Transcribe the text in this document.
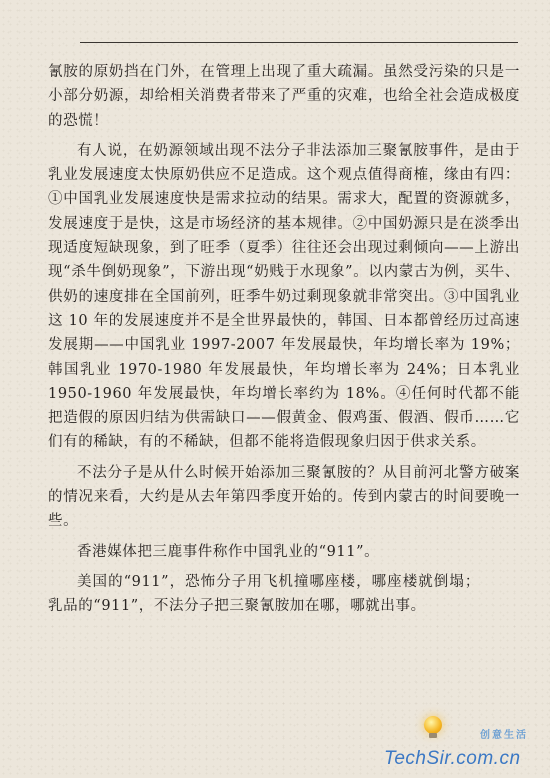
氰胺的原奶挡在门外，在管理上出现了重大疏漏。虽然受污染的只是一小部分奶源，却给相关消费者带来了严重的灾难，也给全社会造成极度的恐慌！

有人说，在奶源领域出现不法分子非法添加三聚氰胺事件，是由于乳业发展速度太快原奶供应不足造成。这个观点值得商榷，缘由有四：①中国乳业发展速度快是需求拉动的结果。需求大，配置的资源就多，发展速度于是快，这是市场经济的基本规律。②中国奶源只是在淡季出现适度短缺现象，到了旺季（夏季）往往还会出现过剩倾向——上游出现“杀牛倒奶现象”，下游出现“奶贱于水现象”。以内蒙古为例，买牛、供奶的速度排在全国前列，旺季牛奶过剩现象就非常突出。③中国乳业这 10 年的发展速度并不是全世界最快的，韩国、日本都曾经历过高速发展期——中国乳业 1997-2007 年发展最快，年均增长率为 19%；韩国乳业 1970-1980 年发展最快，年均增长率为 24%；日本乳业 1950-1960 年发展最快，年均增长率约为 18%。④任何时代都不能把造假的原因归结为供需缺口——假黄金、假鸡蛋、假酒、假币……它们有的稀缺，有的不稀缺，但都不能将造假现象归因于供求关系。

不法分子是从什么时候开始添加三聚氰胺的？从目前河北警方破案的情况来看，大约是从去年第四季度开始的。传到内蒙古的时间要晚一些。

香港媒体把三鹿事件称作中国乳业的“911”。

美国的“911”，恐怖分子用飞机撞哪座楼，哪座楼就倒塌；乳品的“911”，不法分子把三聚氰胺加在哪，哪就出事。

创意生活
TechSir.com.cn
